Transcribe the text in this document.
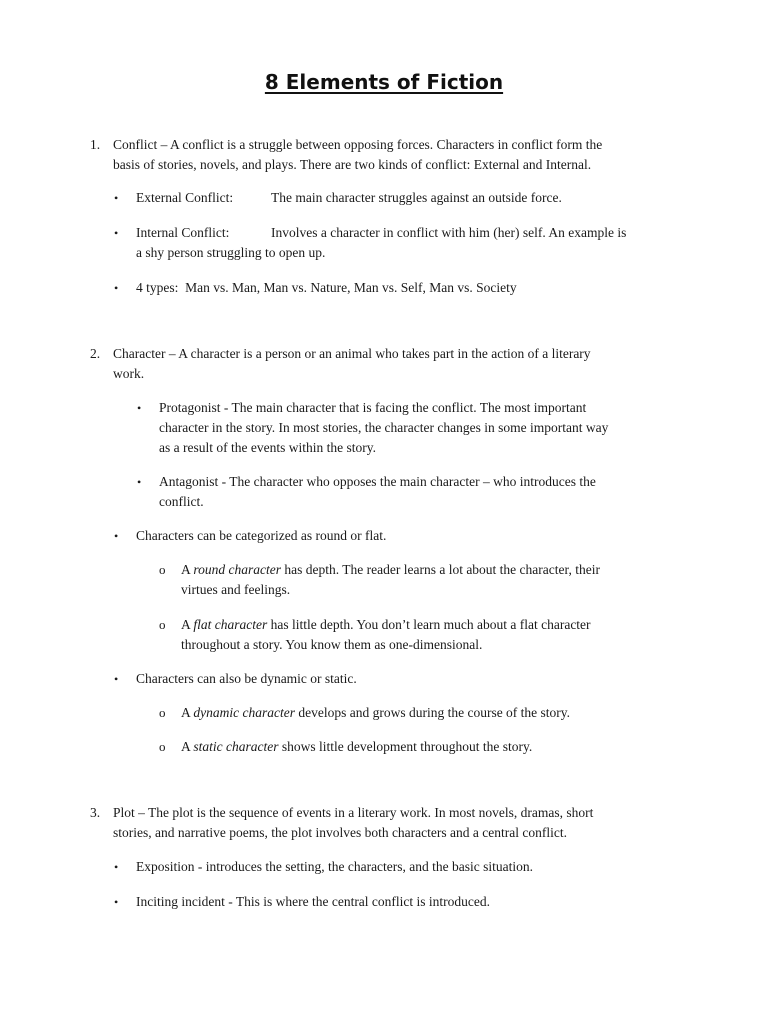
8 Elements of Fiction
1. Conflict – A conflict is a struggle between opposing forces. Characters in conflict form the
basis of stories, novels, and plays. There are two kinds of conflict: External and Internal.
• External Conflict:	The main character struggles against an outside force.
• Internal Conflict:	Involves a character in conflict with him (her) self. An example is
a shy person struggling to open up.
• 4 types: Man vs. Man, Man vs. Nature, Man vs. Self, Man vs. Society
2. Character – A character is a person or an animal who takes part in the action of a literary
work.
• Protagonist - The main character that is facing the conflict. The most important
character in the story. In most stories, the character changes in some important way
as a result of the events within the story.
• Antagonist - The character who opposes the main character – who introduces the
conflict.
• Characters can be categorized as round or flat.
o A round character has depth. The reader learns a lot about the character, their
virtues and feelings.
o A flat character has little depth. You don’t learn much about a flat character
throughout a story. You know them as one-dimensional.
• Characters can also be dynamic or static.
o A dynamic character develops and grows during the course of the story.
o A static character shows little development throughout the story.
3. Plot – The plot is the sequence of events in a literary work. In most novels, dramas, short
stories, and narrative poems, the plot involves both characters and a central conflict.
• Exposition - introduces the setting, the characters, and the basic situation.
• Inciting incident - This is where the central conflict is introduced.
